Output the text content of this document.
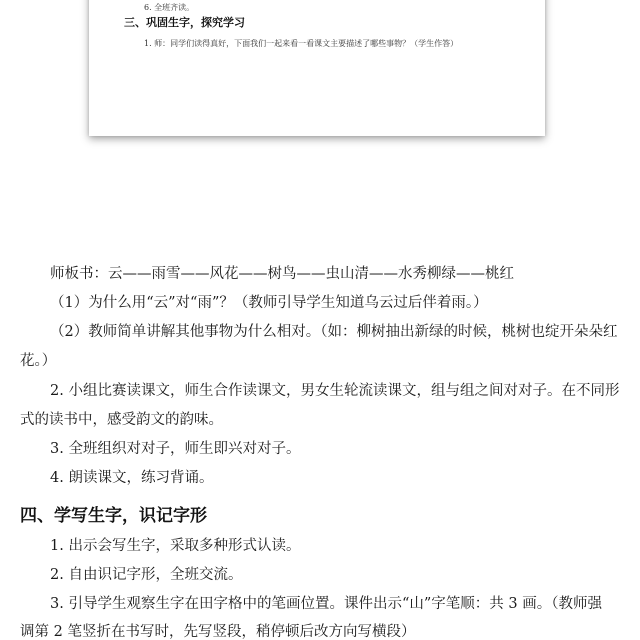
6. 全班齐读。
三、巩固生字，探究学习
1. 师：同学们读得真好，下面我们一起来看一看课文主要描述了哪些事物？（学生作答）
师板书：云——雨雪——风花——树鸟——虫山清——水秀柳绿——桃红
（1）为什么用“云”对“雨”？（教师引导学生知道乌云过后伴着雨。）
（2）教师简单讲解其他事物为什么相对。（如：柳树抽出新绿的时候，桃树也绽开朵朵红
花。）
2. 小组比赛读课文，师生合作读课文，男女生轮流读课文，组与组之间对对子。在不同形
式的读书中，感受韵文的韵味。
3. 全班组织对对子，师生即兴对对子。
4. 朗读课文，练习背诵。
四、学写生字，识记字形
1. 出示会写生字，采取多种形式认读。
2. 自由识记字形，全班交流。
3. 引导学生观察生字在田字格中的笔画位置。课件出示“山”字笔顺：共 3 画。（教师强
调第 2 笔竖折在书写时，先写竖段，稍停顿后改方向写横段）
